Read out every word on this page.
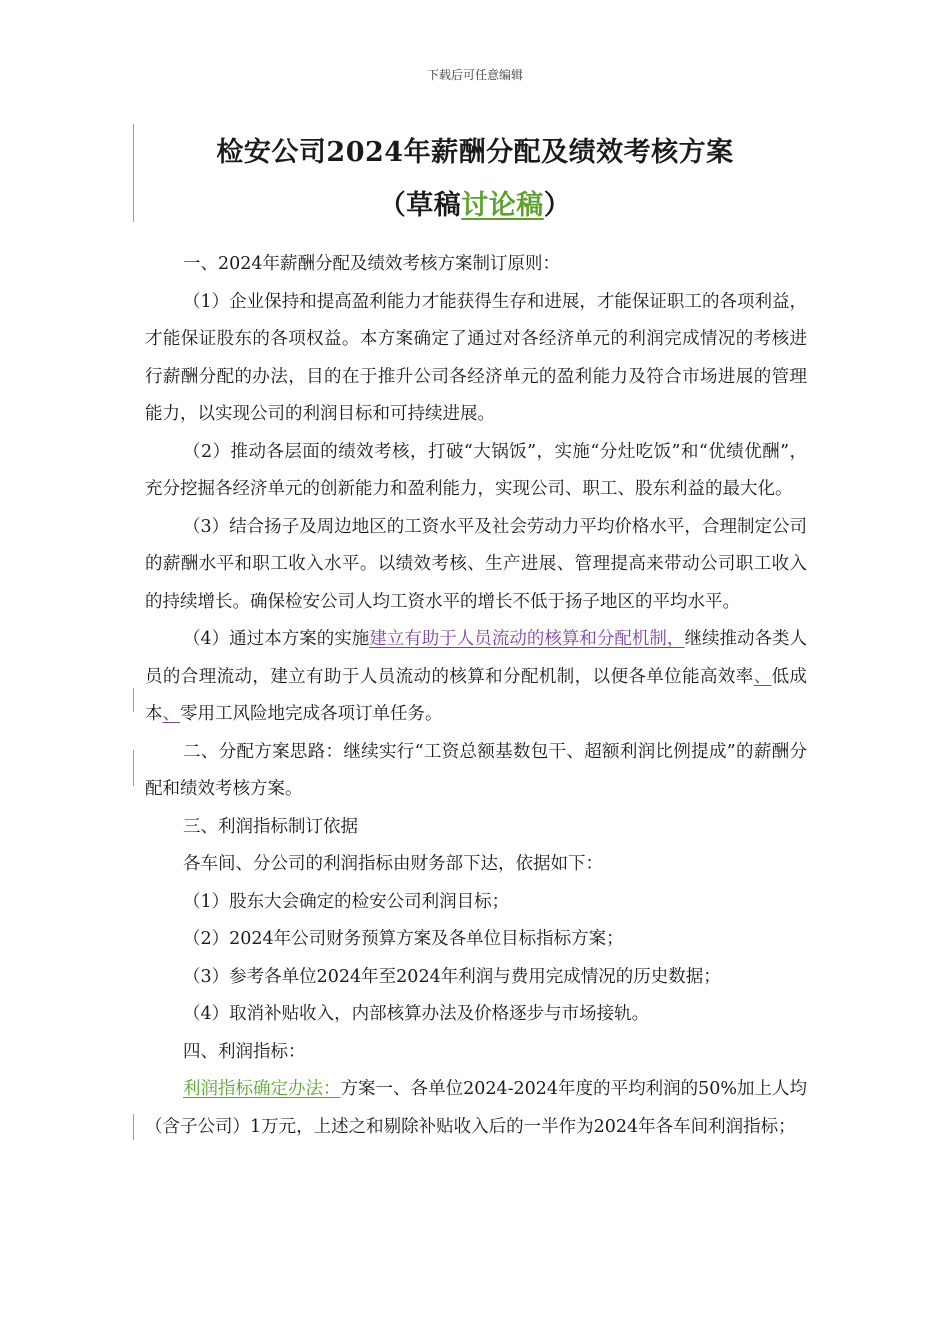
下载后可任意编辑
检安公司2024年薪酬分配及绩效考核方案
（草稿讨论稿）

一、2024年薪酬分配及绩效考核方案制订原则：

（1）企业保持和提高盈利能力才能获得生存和进展，才能保证职工的各项利益，才能保证股东的各项权益。本方案确定了通过对各经济单元的利润完成情况的考核进行薪酬分配的办法，目的在于推升公司各经济单元的盈利能力及符合市场进展的管理能力，以实现公司的利润目标和可持续进展。

（2）推动各层面的绩效考核，打破“大锅饭”，实施“分灶吃饭”和“优绩优酬”，充分挖掘各经济单元的创新能力和盈利能力，实现公司、职工、股东利益的最大化。

（3）结合扬子及周边地区的工资水平及社会劳动力平均价格水平，合理制定公司的薪酬水平和职工收入水平。以绩效考核、生产进展、管理提高来带动公司职工收入的持续增长。确保检安公司人均工资水平的增长不低于扬子地区的平均水平。

（4）通过本方案的实施建立有助于人员流动的核算和分配机制，继续推动各类人员的合理流动，建立有助于人员流动的核算和分配机制，以便各单位能高效率、低成本、零用工风险地完成各项订单任务。

二、分配方案思路：继续实行“工资总额基数包干、超额利润比例提成”的薪酬分配和绩效考核方案。

三、利润指标制订依据

各车间、分公司的利润指标由财务部下达，依据如下：

（1）股东大会确定的检安公司利润目标；

（2）2024年公司财务预算方案及各单位目标指标方案；

（3）参考各单位2024年至2024年利润与费用完成情况的历史数据；

（4）取消补贴收入，内部核算办法及价格逐步与市场接轨。

四、利润指标：

利润指标确定办法：方案一、各单位2024-2024年度的平均利润的50%加上人均（含子公司）1万元，上述之和剔除补贴收入后的一半作为2024年各车间利润指标；
